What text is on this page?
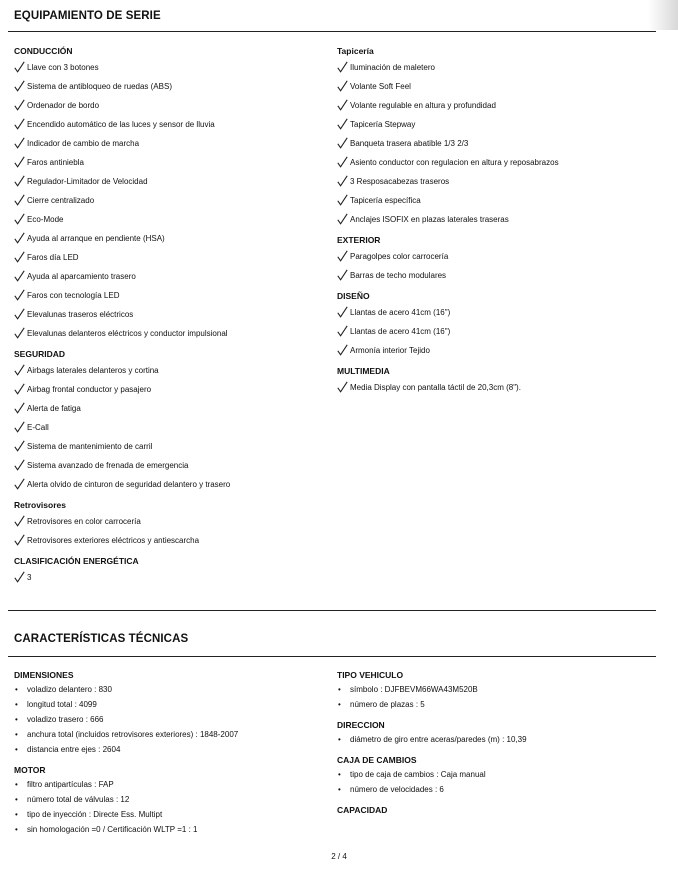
EQUIPAMIENTO DE SERIE
CONDUCCIÓN
Llave con 3 botones
Sistema de antibloqueo de ruedas (ABS)
Ordenador de bordo
Encendido automático de las luces y sensor de lluvia
Indicador de cambio de marcha
Faros antiniebla
Regulador-Limitador de Velocidad
Cierre centralizado
Eco-Mode
Ayuda al arranque en pendiente (HSA)
Faros día LED
Ayuda al aparcamiento trasero
Faros con tecnología LED
Elevalunas traseros eléctricos
Elevalunas delanteros eléctricos y conductor impulsional
SEGURIDAD
Airbags laterales delanteros y cortina
Airbag frontal conductor y pasajero
Alerta de fatiga
E-Call
Sistema de mantenimiento de carril
Sistema avanzado de frenada de emergencia
Alerta olvido de cinturon de seguridad delantero y trasero
Retrovisores
Retrovisores en color carrocería
Retrovisores exteriores eléctricos y antiescarcha
CLASIFICACIÓN ENERGÉTICA
3
Tapicería
Iluminación de maletero
Volante Soft Feel
Volante regulable en altura y profundidad
Tapicería Stepway
Banqueta trasera abatible 1/3 2/3
Asiento conductor con regulacion en altura y reposabrazos
3 Resposacabezas traseros
Tapicería específica
Anclajes ISOFIX en plazas laterales traseras
EXTERIOR
Paragolpes color carrocería
Barras de techo modulares
DISEÑO
Llantas de acero 41cm (16")
Llantas de acero 41cm (16")
Armonía interior Tejido
MULTIMEDIA
Media Display con pantalla táctil de 20,3cm (8").
CARACTERÍSTICAS TÉCNICAS
DIMENSIONES
• voladizo delantero : 830
• longitud total : 4099
• voladizo trasero : 666
• anchura total (incluidos retrovisores exteriores) : 1848-2007
• distancia entre ejes : 2604
MOTOR
• filtro antipartículas : FAP
• número total de válvulas : 12
• tipo de inyección : Directe Ess. Multipt
• sin homologación =0 / Certificación WLTP =1 : 1
TIPO VEHICULO
• símbolo : DJFBEVM66WA43M520B
• número de plazas : 5
DIRECCION
• diámetro de giro entre aceras/paredes (m) : 10,39
CAJA DE CAMBIOS
• tipo de caja de cambios : Caja manual
• número de velocidades : 6
CAPACIDAD
2 / 4
